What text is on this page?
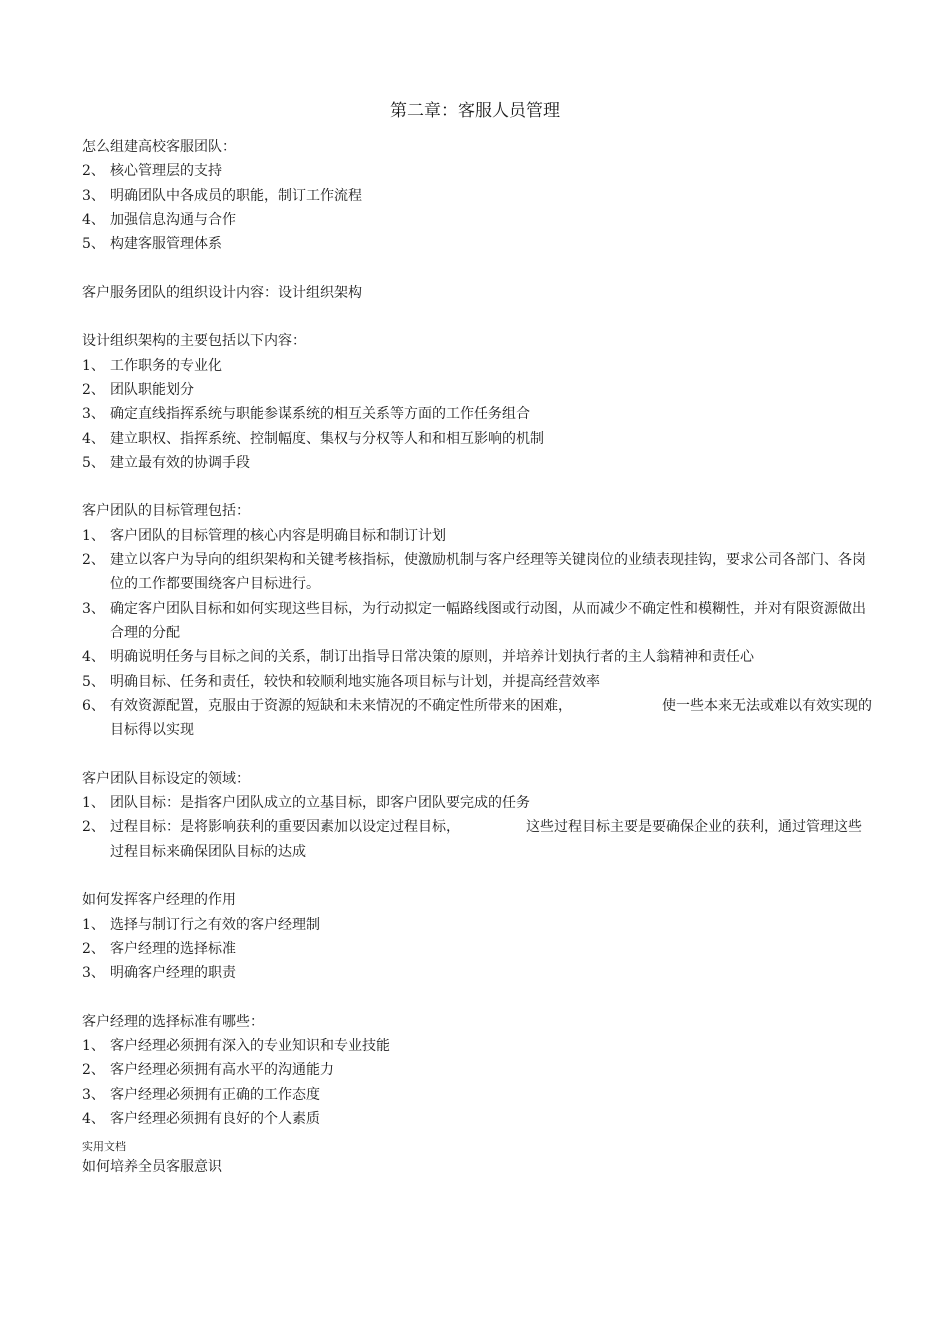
第二章：客服人员管理
怎么组建高校客服团队：
2、 核心管理层的支持
3、 明确团队中各成员的职能，制订工作流程
4、 加强信息沟通与合作
5、 构建客服管理体系
客户服务团队的组织设计内容：设计组织架构
设计组织架构的主要包括以下内容：
1、 工作职务的专业化
2、 团队职能划分
3、 确定直线指挥系统与职能参谋系统的相互关系等方面的工作任务组合
4、 建立职权、指挥系统、控制幅度、集权与分权等人和和相互影响的机制
5、 建立最有效的协调手段
客户团队的目标管理包括：
1、 客户团队的目标管理的核心内容是明确目标和制订计划
2、 建立以客户为导向的组织架构和关键考核指标，使激励机制与客户经理等关键岗位的业绩表现挂钩，要求公司各部门、各岗位的工作都要围绕客户目标进行。
3、 确定客户团队目标和如何实现这些目标，为行动拟定一幅路线图或行动图，从而减少不确定性和模糊性，并对有限资源做出合理的分配
4、 明确说明任务与目标之间的关系，制订出指导日常决策的原则，并培养计划执行者的主人翁精神和责任心
5、 明确目标、任务和责任，较快和较顺利地实施各项目标与计划，并提高经营效率
6、 有效资源配置，克服由于资源的短缺和未来情况的不确定性所带来的困难，	使一些本来无法或难以有效实现的目标得以实现
客户团队目标设定的领域：
1、 团队目标：是指客户团队成立的立基目标，即客户团队要完成的任务
2、 过程目标：是将影响获利的重要因素加以设定过程目标，	这些过程目标主要是要确保企业的获利，通过管理这些过程目标来确保团队目标的达成
如何发挥客户经理的作用
1、 选择与制订行之有效的客户经理制
2、 客户经理的选择标准
3、 明确客户经理的职责
客户经理的选择标准有哪些：
1、 客户经理必须拥有深入的专业知识和专业技能
2、 客户经理必须拥有高水平的沟通能力
3、 客户经理必须拥有正确的工作态度
4、 客户经理必须拥有良好的个人素质
实用文档
如何培养全员客服意识
